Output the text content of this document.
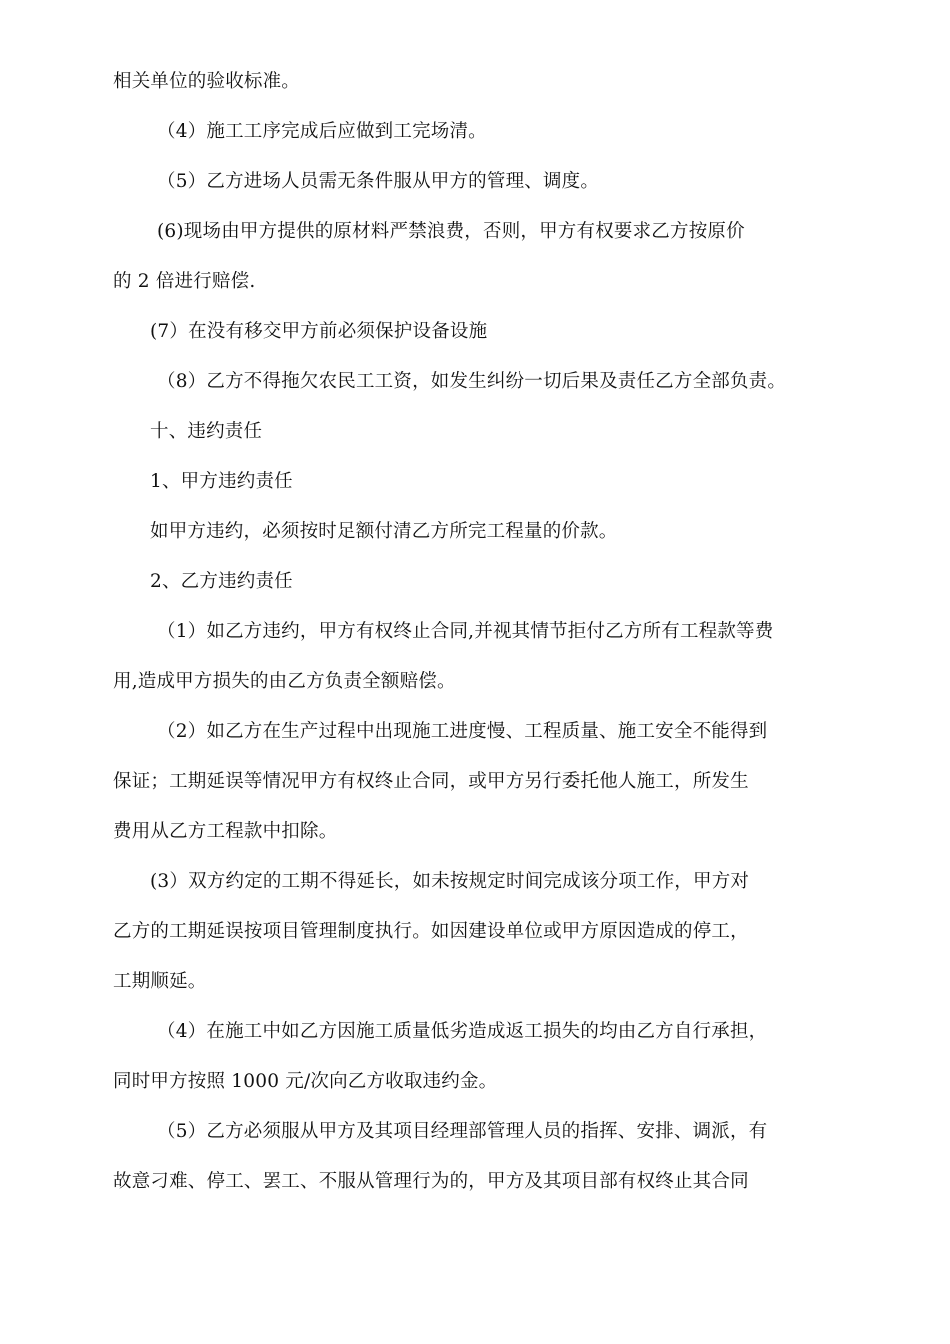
相关单位的验收标准。
（4）施工工序完成后应做到工完场清。
（5）乙方进场人员需无条件服从甲方的管理、调度。
(6)现场由甲方提供的原材料严禁浪费，否则，甲方有权要求乙方按原价
的 2 倍进行赔偿.
(7）在没有移交甲方前必须保护设备设施
（8）乙方不得拖欠农民工工资，如发生纠纷一切后果及责任乙方全部负责。
十、违约责任
1、甲方违约责任
如甲方违约，必须按时足额付清乙方所完工程量的价款。
2、乙方违约责任
（1）如乙方违约，甲方有权终止合同,并视其情节拒付乙方所有工程款等费
用,造成甲方损失的由乙方负责全额赔偿。
（2）如乙方在生产过程中出现施工进度慢、工程质量、施工安全不能得到
保证；工期延误等情况甲方有权终止合同，或甲方另行委托他人施工，所发生
费用从乙方工程款中扣除。
(3）双方约定的工期不得延长，如未按规定时间完成该分项工作，甲方对
乙方的工期延误按项目管理制度执行。如因建设单位或甲方原因造成的停工，
工期顺延。
（4）在施工中如乙方因施工质量低劣造成返工损失的均由乙方自行承担，
同时甲方按照 1000 元/次向乙方收取违约金。
（5）乙方必须服从甲方及其项目经理部管理人员的指挥、安排、调派，有
故意刁难、停工、罢工、不服从管理行为的，甲方及其项目部有权终止其合同
